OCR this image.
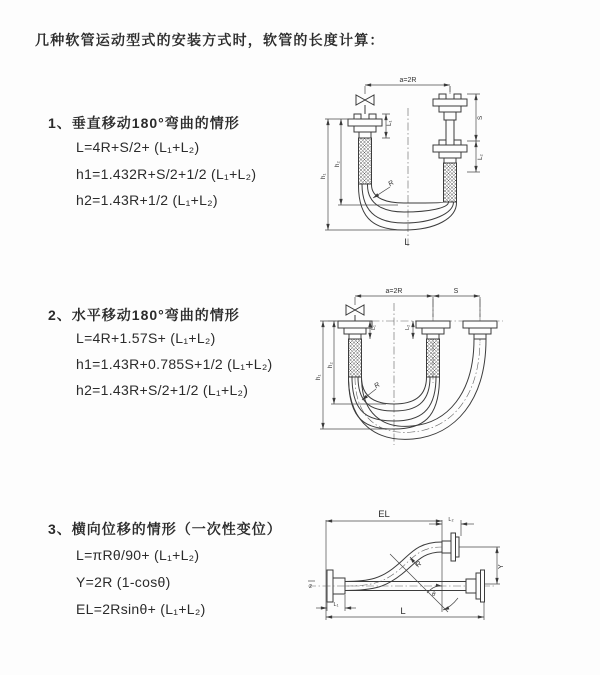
几种软管运动型式的安装方式时，软管的长度计算：
1、垂直移动180°弯曲的情形
L=4R+S/2+ (L₁+L₂)
h1=1.432R+S/2+1/2 (L₁+L₂)
h2=1.43R+1/2 (L₁+L₂)
2、水平移动180°弯曲的情形
L=4R+1.57S+ (L₁+L₂)
h1=1.43R+0.785S+1/2 (L₁+L₂)
h2=1.43R+S/2+1/2 (L₁+L₂)
3、横向位移的情形（一次性变位）
L=πRθ/90+ (L₁+L₂)
Y=2R (1-cosθ)
EL=2Rsinθ+ (L₁+L₂)
a=2R
L₁
S
L₂
h₁
h₂
R
L
a=2R	S
L₁	L₂
R
h₁
h₂
EL	L₂
Y
z
R
θ
L₁
L
